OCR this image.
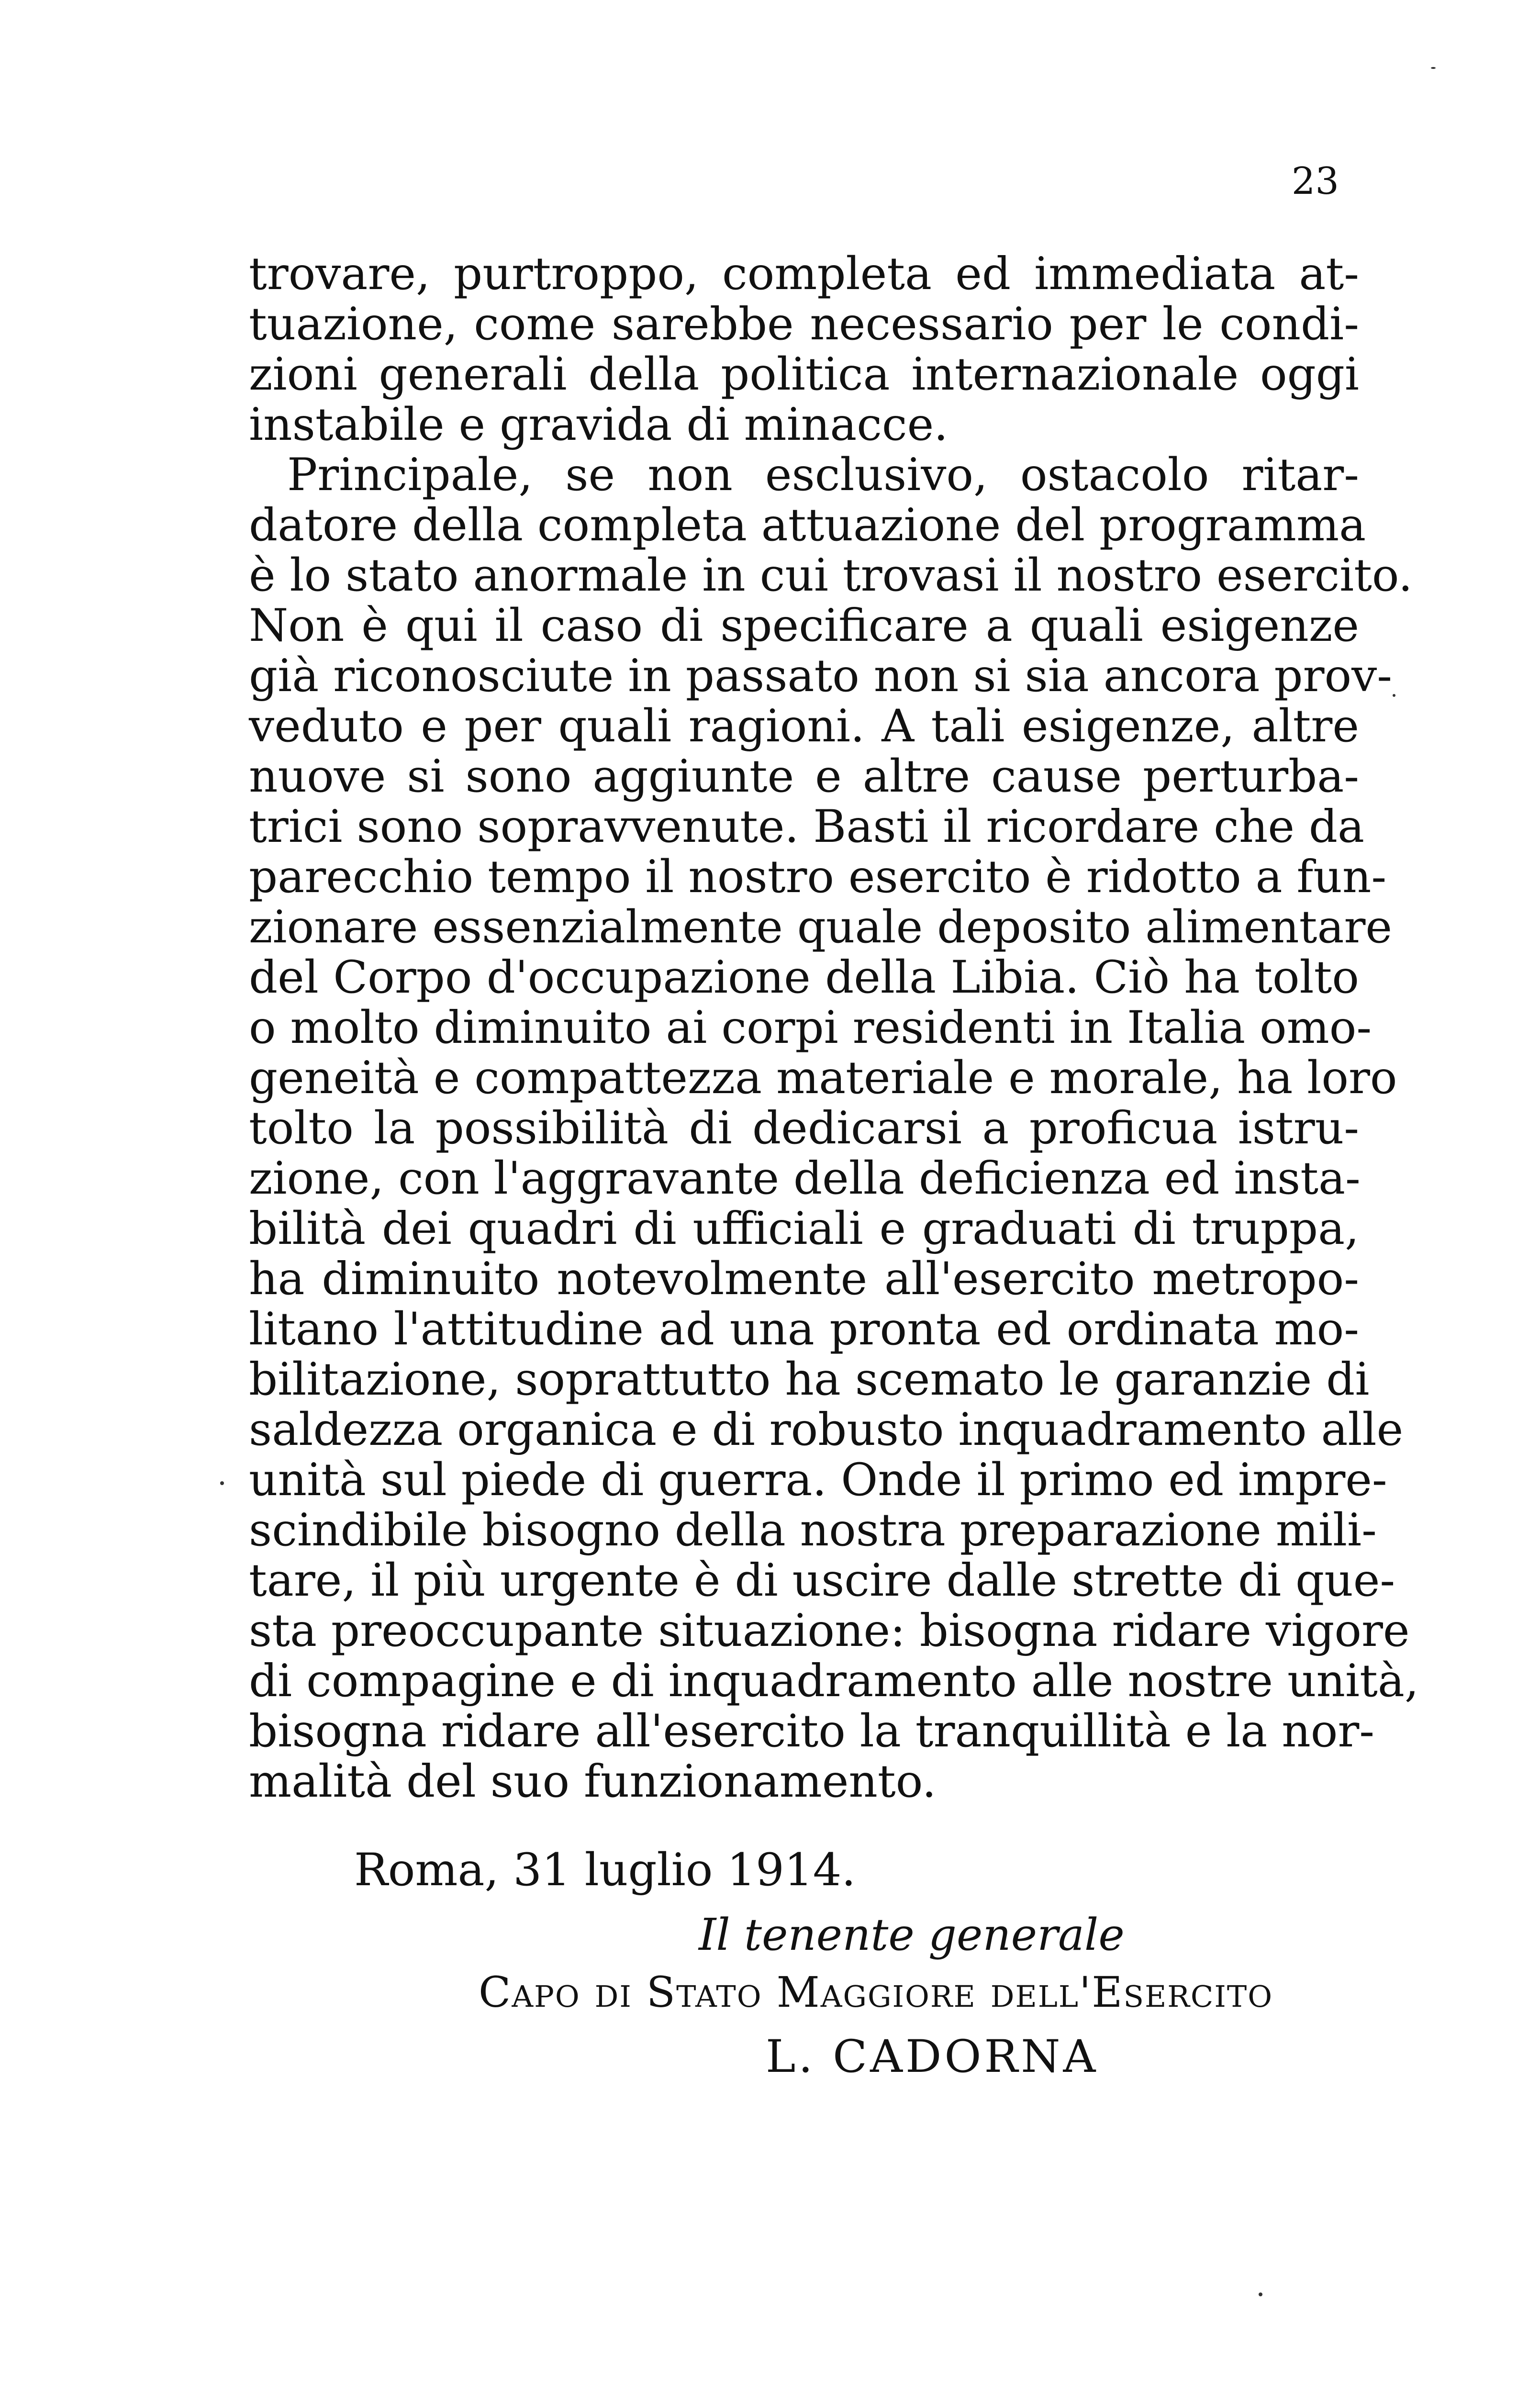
23
trovare, purtroppo, completa ed immediata at-
tuazione, come sarebbe necessario per le condi-
zioni generali della politica internazionale oggi
instabile e gravida di minacce.
Principale, se non esclusivo, ostacolo ritar-
datore della completa attuazione del programma
è lo stato anormale in cui trovasi il nostro esercito.
Non è qui il caso di specificare a quali esigenze
già riconosciute in passato non si sia ancora prov-
veduto e per quali ragioni. A tali esigenze, altre
nuove si sono aggiunte e altre cause perturba-
trici sono sopravvenute. Basti il ricordare che da
parecchio tempo il nostro esercito è ridotto a fun-
zionare essenzialmente quale deposito alimentare
del Corpo d'occupazione della Libia. Ciò ha tolto
o molto diminuito ai corpi residenti in Italia omo-
geneità e compattezza materiale e morale, ha loro
tolto la possibilità di dedicarsi a proficua istru-
zione, con l'aggravante della deficienza ed insta-
bilità dei quadri di ufficiali e graduati di truppa,
ha diminuito notevolmente all'esercito metropo-
litano l'attitudine ad una pronta ed ordinata mo-
bilitazione, soprattutto ha scemato le garanzie di
saldezza organica e di robusto inquadramento alle
unità sul piede di guerra. Onde il primo ed impre-
scindibile bisogno della nostra preparazione mili-
tare, il più urgente è di uscire dalle strette di que-
sta preoccupante situazione: bisogna ridare vigore
di compagine e di inquadramento alle nostre unità,
bisogna ridare all'esercito la tranquillità e la nor-
malità del suo funzionamento.
Roma, 31 luglio 1914.
Il tenente generale
Capo di Stato Maggiore dell'Esercito
L. CADORNA
